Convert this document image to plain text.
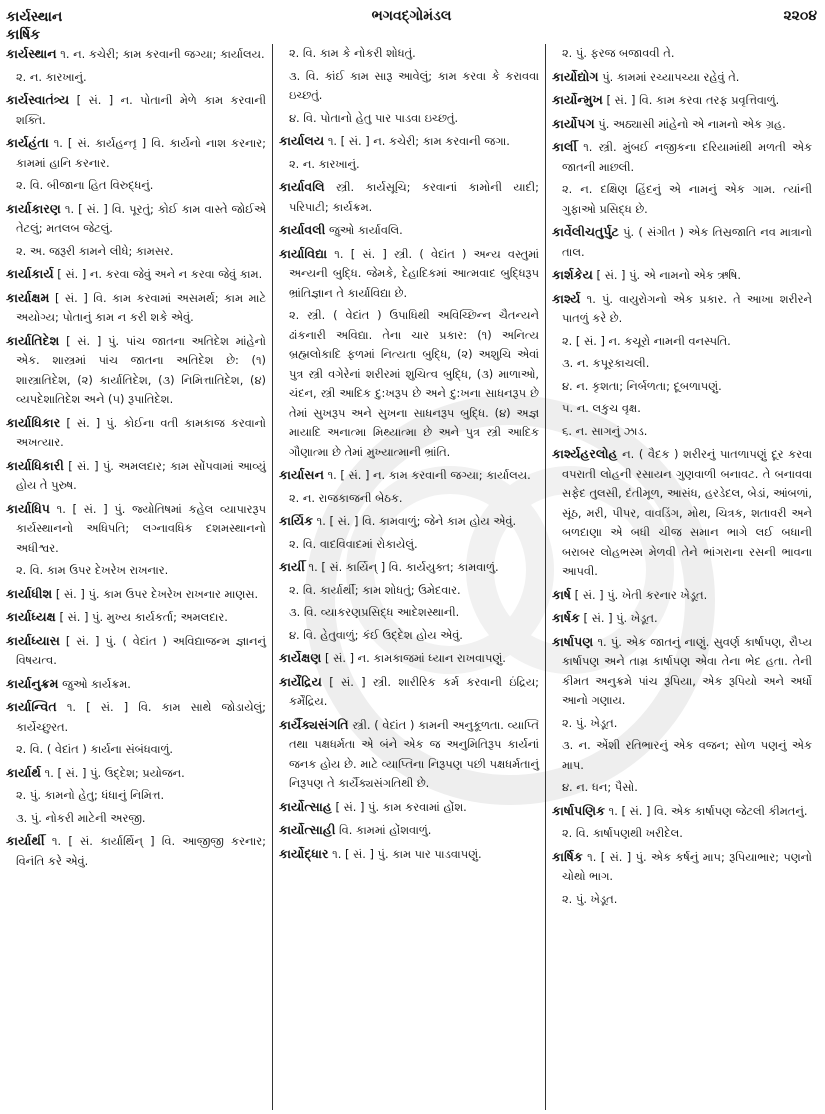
કાર્યસ્થાન
કાર્ષિક
ભગવદ્ગોમંડલ	૨૨૦૪

કાર્યસ્થાન ૧. ન. કચેરી; કામ કરવાની જગ્યા; કાર્યાલય.

૨. ન. કારખાનું.

કાર્યસ્વાતંત્ર્ય [ સં. ] ન. પોતાની મેળે કામ કરવાની શક્તિ.

કાર્યહંતા ૧. [ સં. કાર્યહન્તૃ ] વિ. કાર્યનો નાશ કરનાર; કામમાં હાનિ કરનાર.

૨. વિ. બીજાના હિત વિરુદ્ધનું.

કાર્યાકારણ ૧. [ સં. ] વિ. પૂરતું; કોઈ કામ વાસ્તે જોઈએ તેટલું; મતલબ જેટલું.

૨. અ. જરૂરી કામને લીધે; કામસર.

કાર્યાકાર્ય [ સં. ] ન. કરવા જેવું અને ન કરવા જેવું કામ.

કાર્યાક્ષમ [ સં. ] વિ. કામ કરવામાં અસમર્થ; કામ માટે અયોગ્ય; પોતાનું કામ ન કરી શકે એવું.

કાર્યાતિદેશ [ સં. ] પું. પાંચ જાતના અતિદેશ માંહેનો એક. શાસ્ત્રમાં પાંચ જાતના અતિદેશ છે: (૧) શાસ્ત્રાતિદેશ, (૨) કાર્યાતિદેશ, (૩) નિમિત્તાતિદેશ, (૪) વ્યપદેશાતિદેશ અને (૫) રૂપાતિદેશ.

કાર્યાધિકાર [ સં. ] પું. કોઈના વતી કામકાજ કરવાનો અખત્યાર.

કાર્યાધિકારી [ સં. ] પું. અમલદાર; કામ સોંપવામાં આવ્યું હોય તે પુરુષ.

કાર્યાધિપ ૧. [ સં. ] પું. જ્યોતિષમાં કહેલ વ્યાપારરૂપ કાર્યસ્થાનનો અધિપતિ; લગ્નાવધિક દશમસ્થાનનો અધીશ્વર.

૨. વિ. કામ ઉપર દેખરેખ રાખનાર.

કાર્યાધીશ [ સં. ] પું. કામ ઉપર દેખરેખ રાખનાર માણસ.

કાર્યાધ્યક્ષ [ સં. ] પું. મુખ્ય કાર્યકર્તા; અમલદાર.

કાર્યાધ્યાસ [ સં. ] પું. ( વેદાંત ) અવિદ્યાજન્મ જ્ઞાનનું વિષયત્વ.

કાર્યાનુક્રમ જુઓ કાર્યક્રમ.

કાર્યાન્વિત ૧. [ સં. ] વિ. કામ સાથે જોડાયેલું; કાર્યેચ્છુરત.

૨. વિ. ( વેદાંત ) કાર્યના સંબંધવાળું.

કાર્યાર્થ ૧. [ સં. ] પું. ઉદ્દેશ; પ્રયોજન.

૨. પું. કામનો હેતુ; ધંધાનું નિમિત્ત.

૩. પું. નોકરી માટેની અરજી.

કાર્યાર્થી ૧. [ સં. કાર્યાર્થિન્ ] વિ. આજીજી કરનાર; વિનંતિ કરે એવું.

૨. વિ. કામ કે નોકરી શોધતું.

૩. વિ. કાંઈ કામ સારૂ આવેલું; કામ કરવા કે કરાવવા ઇચ્છતું.

૪. વિ. પોતાનો હેતુ પાર પાડવા ઇચ્છતું.

કાર્યાલય ૧. [ સં. ] ન. કચેરી; કામ કરવાની જગા.

૨. ન. કારખાનું.

કાર્યાવલિ સ્ત્રી. કાર્યસૂચિ; કરવાનાં કામોની યાદી; પરિપાટી; કાર્યક્રમ.

કાર્યાવલી જુઓ કાર્યાવલિ.

કાર્યાવિદ્યા ૧. [ સં. ] સ્ત્રી. ( વેદાંત ) અન્ય વસ્તુમાં અન્યની બુદ્ધિ. જેમકે, દેહાદિકમાં આત્મવાદ બુદ્ધિરૂપ ભ્રાંતિજ્ઞાન તે કાર્યાવિદ્યા છે.

૨. સ્ત્રી. ( વેદાંત ) ઉપાધિથી અવિચ્છિન્ન ચૈતન્યને ઢાંકનારી અવિદ્યા. તેના ચાર પ્રકાર: (૧) અનિત્ય બ્રહ્મલોકાદિ ફળમાં નિત્યતા બુદ્ધિ, (૨) અશુચિ એવાં પુત્ર સ્ત્રી વગેરેનાં શરીરમાં શુચિત્વ બુદ્ધિ, (૩) માળાઓ, ચંદન, સ્ત્રી આદિક દુ:ખરૂપ છે અને દુ:ખના સાધનરૂપ છે તેમાં સુખરૂપ અને સુખના સાધનરૂપ બુદ્ધિ. (૪) અજ્ઞ માયાદિ અનાત્મા મિથ્યાત્મા છે અને પુત્ર સ્ત્રી આદિક ગૌણાત્મા છે તેમાં મુખ્યાત્માની ભ્રાંતિ.

કાર્યાસન ૧. [ સં. ] ન. કામ કરવાની જગ્યા; કાર્યાલય.

૨. ન. રાજકાજની બેઠક.

કાર્યિક ૧. [ સં. ] વિ. કામવાળું; જેને કામ હોય એવું.

૨. વિ. વાદવિવાદમાં રોકાયેલું.

કાર્યી ૧. [ સં. કાર્યિન્ ] વિ. કાર્યયુક્ત; કામવાળું.

૨. વિ. કાર્યાર્થી; કામ શોધતું; ઉમેદવાર.

૩. વિ. વ્યાકરણપ્રસિદ્ધ આદેશસ્થાની.

૪. વિ. હેતુવાળું; કંઈ ઉદ્દેશ હોય એવું.

કાર્યેક્ષણ [ સં. ] ન. કામકાજમાં ધ્યાન રાખવાપણું.

કાર્યેંદ્રિય [ સં. ] સ્ત્રી. શારીરિક કર્મ કરવાની ઇંદ્રિય; કર્મેંદ્રિય.

કાર્યૈક્યસંગતિ સ્ત્રી. ( વેદાંત ) કામની અનુકૂળતા. વ્યાપ્તિ તથા પક્ષધર્મતા એ બંને એક જ અનુમિતિરૂપ કાર્યનાં જનક હોય છે. માટે વ્યાપ્તિના નિરૂપણ પછી પક્ષધર્મતાનું નિરૂપણ તે કાર્યૈક્યસંગતિથી છે.

કાર્યોત્સાહ [ સં. ] પું. કામ કરવામાં હોંશ.

કાર્યોત્સાહી વિ. કામમાં હોંશવાળું.

કાર્યોદ્ધાર ૧. [ સં. ] પું. કામ પાર પાડવાપણું.

૨. પું. ફરજ બજાવવી તે.

કાર્યોદ્યોગ પું. કામમાં રચ્યાપચ્યા રહેવું તે.

કાર્યોન્મુખ [ સં. ] વિ. કામ કરવા તરફ પ્રવૃત્તિવાળું.

કાર્યોપગ પું. અઠ્યાસી માંહેનો એ નામનો એક ગ્રહ.

કાર્લી ૧. સ્ત્રી. મુંબઈ નજીકના દરિયામાંથી મળતી એક જાતની માછલી.

૨. ન. દક્ષિણ હિંદનું એ નામનું એક ગામ. ત્યાંની ગુફાઓ પ્રસિદ્ધ છે.

કાર્વેલીચતુર્પુટ પું. ( સંગીત ) એક તિસ્રજાતિ નવ માત્રાનો તાલ.

કાર્શકેય [ સં. ] પું. એ નામનો એક ઋષિ.

કાર્શ્ય ૧. પું. વાયુરોગનો એક પ્રકાર. તે આખા શરીરને પાતળું કરે છે.

૨. [ સં. ] ન. કચૂરો નામની વનસ્પતિ.

૩. ન. કપૂરકાચલી.

૪. ન. કૃશતા; નિર્બળતા; દૂબળાપણું.

૫. ન. લકુચ વૃક્ષ.

૬. ન. સાગનું ઝાડ.

કાર્શ્યહરલોહ ન. ( વૈદક ) શરીરનું પાતળાપણું દૂર કરવા વપરાતી લોહની રસાયન ગુણવાળી બનાવટ. તે બનાવવા સફેદ તુલસી, દંતીમૂળ, આસંધ, હરડેદલ, બેડાં, આંબળાં, સૂંઠ, મરી, પીપર, વાવડિંગ, મોથ, ચિત્રક, શતાવરી અને બળદાણા એ બધી ચીજ સમાન ભાગે લઈ બધાની બરાબર લોહભસ્મ મેળવી તેને ભાંગરાના રસની ભાવના આપવી.

કાર્ષ [ સં. ] પું. ખેતી કરનાર ખેડૂત.

કાર્ષક [ સં. ] પું. ખેડૂત.

કાર્ષાપણ ૧. પું. એક જાતનું નાણું. સુવર્ણ કાર્ષાપણ, રૌપ્ય કાર્ષાપણ અને તામ્ર કાર્ષાપણ એવા તેના ભેદ હતા. તેની કીમત અનુક્રમે પાંચ રૂપિયા, એક રૂપિયો અને અર્ધો આનો ગણાય.

૨. પું. ખેડૂત.

૩. ન. એંશી રતિભારનું એક વજન; સોળ પણનું એક માપ.

૪. ન. ધન; પૈસો.

કાર્ષાપણિક ૧. [ સં. ] વિ. એક કાર્ષાપણ જેટલી કીમતનું.

૨. વિ. કાર્ષાપણથી ખરીદેલ.

કાર્ષિક ૧. [ સં. ] પું. એક કર્ષનું માપ; રૂપિયાભાર; પણનો ચોથો ભાગ.

૨. પું. ખેડૂત.
